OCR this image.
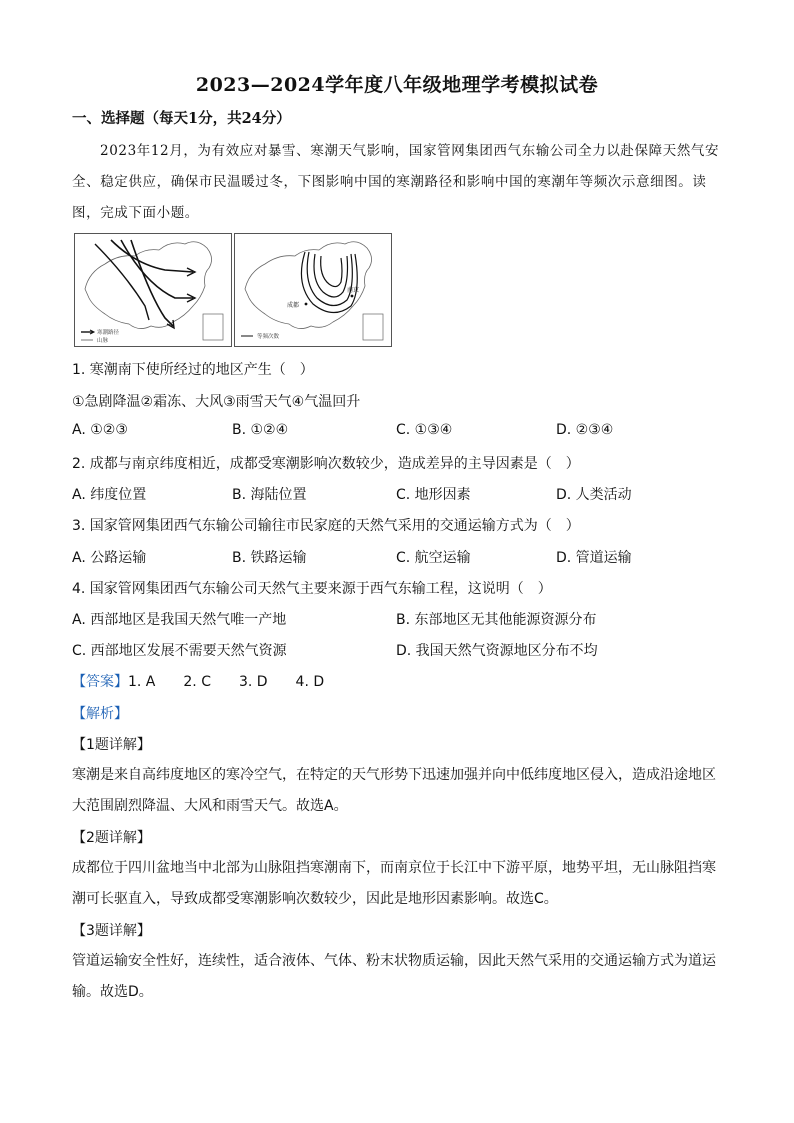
2023—2024学年度八年级地理学考模拟试卷
一、选择题（每天1分，共24分）
2023年12月，为有效应对暴雪、寒潮天气影响，国家管网集团西气东输公司全力以赴保障天然气安全、稳定供应，确保市民温暖过冬，下图影响中国的寒潮路径和影响中国的寒潮年等频次示意细图。读图，完成下面小题。
寒潮路径
山脉
成都
南京
等频次数
1. 寒潮南下使所经过的地区产生（　）
①急剧降温②霜冻、大风③雨雪天气④气温回升
A. ①②③	B. ①②④	C. ①③④	D. ②③④
2. 成都与南京纬度相近，成都受寒潮影响次数较少，造成差异的主导因素是（　）
A. 纬度位置	B. 海陆位置	C. 地形因素	D. 人类活动
3. 国家管网集团西气东输公司输往市民家庭的天然气采用的交通运输方式为（　）
A. 公路运输	B. 铁路运输	C. 航空运输	D. 管道运输
4. 国家管网集团西气东输公司天然气主要来源于西气东输工程，这说明（　）
A. 西部地区是我国天然气唯一产地	B. 东部地区无其他能源资源分布
C. 西部地区发展不需要天然气资源	D. 我国天然气资源地区分布不均
【答案】1. A　　2. C　　3. D　　4. D
【解析】
【1题详解】
寒潮是来自高纬度地区的寒冷空气，在特定的天气形势下迅速加强并向中低纬度地区侵入，造成沿途地区大范围剧烈降温、大风和雨雪天气。故选A。
【2题详解】
成都位于四川盆地当中北部为山脉阻挡寒潮南下，而南京位于长江中下游平原，地势平坦，无山脉阻挡寒潮可长驱直入，导致成都受寒潮影响次数较少，因此是地形因素影响。故选C。
【3题详解】
管道运输安全性好，连续性，适合液体、气体、粉末状物质运输，因此天然气采用的交通运输方式为道运输。故选D。
